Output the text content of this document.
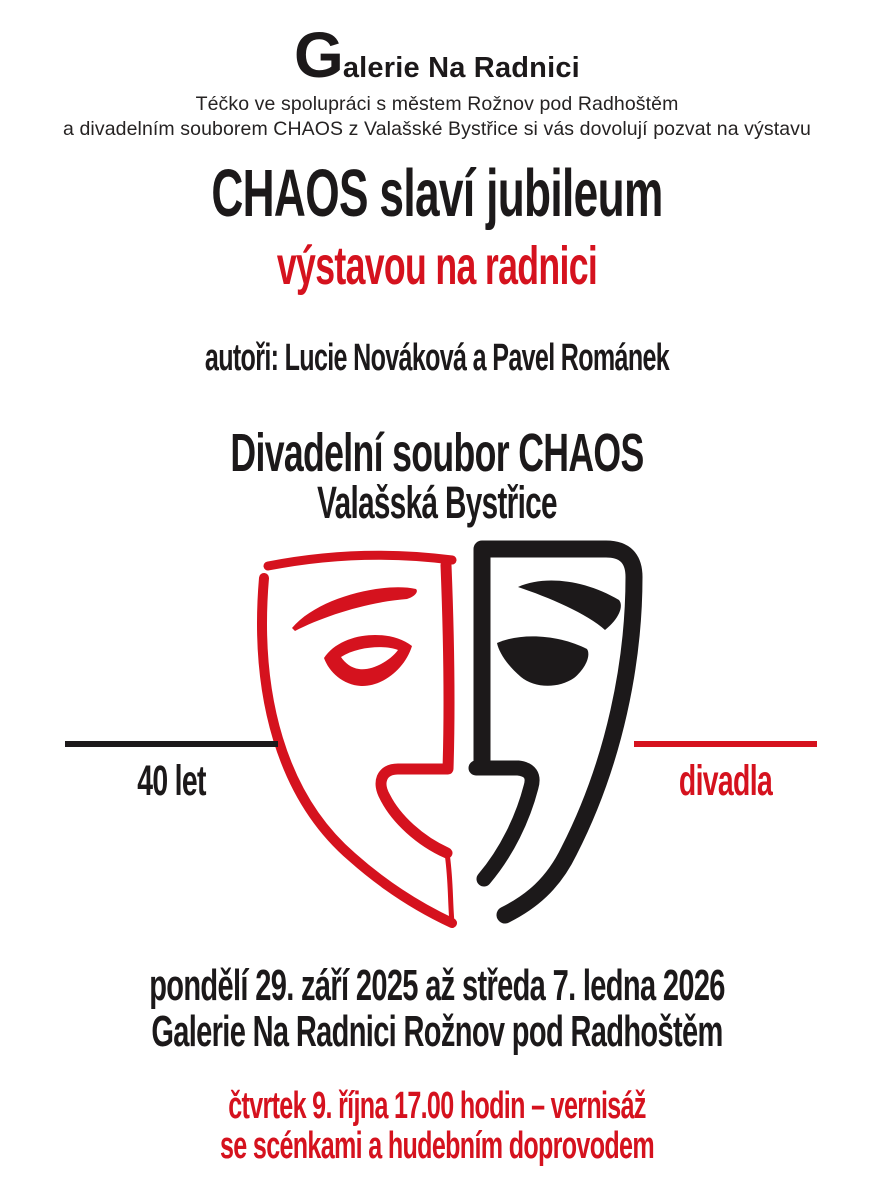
Galerie Na Radnici
Téčko ve spolupráci s městem Rožnov pod Radhoštěm
a divadelním souborem CHAOS z Valašské Bystřice si vás dovolují pozvat na výstavu
CHAOS slaví jubileum
výstavou na radnici
autoři: Lucie Nováková a Pavel Románek
Divadelní soubor CHAOS
Valašská Bystřice
40 let	divadla
pondělí 29. září 2025 až středa 7. ledna 2026
Galerie Na Radnici Rožnov pod Radhoštěm
čtvrtek 9. října 17.00 hodin – vernisáž
se scénkami a hudebním doprovodem
